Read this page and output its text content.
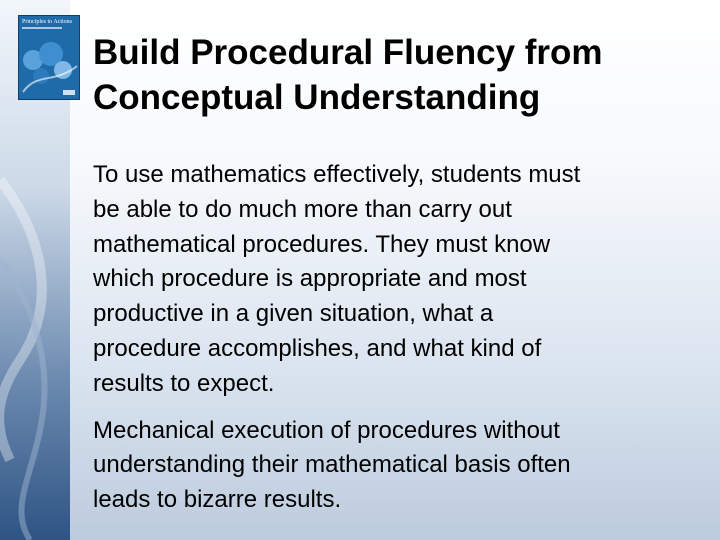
Principles to Actions
Build Procedural Fluency from
Conceptual Understanding

To use mathematics effectively, students must
be able to do much more than carry out
mathematical procedures. They must know
which procedure is appropriate and most
productive in a given situation, what a
procedure accomplishes, and what kind of
results to expect.

Mechanical execution of procedures without
understanding their mathematical basis often
leads to bizarre results.
